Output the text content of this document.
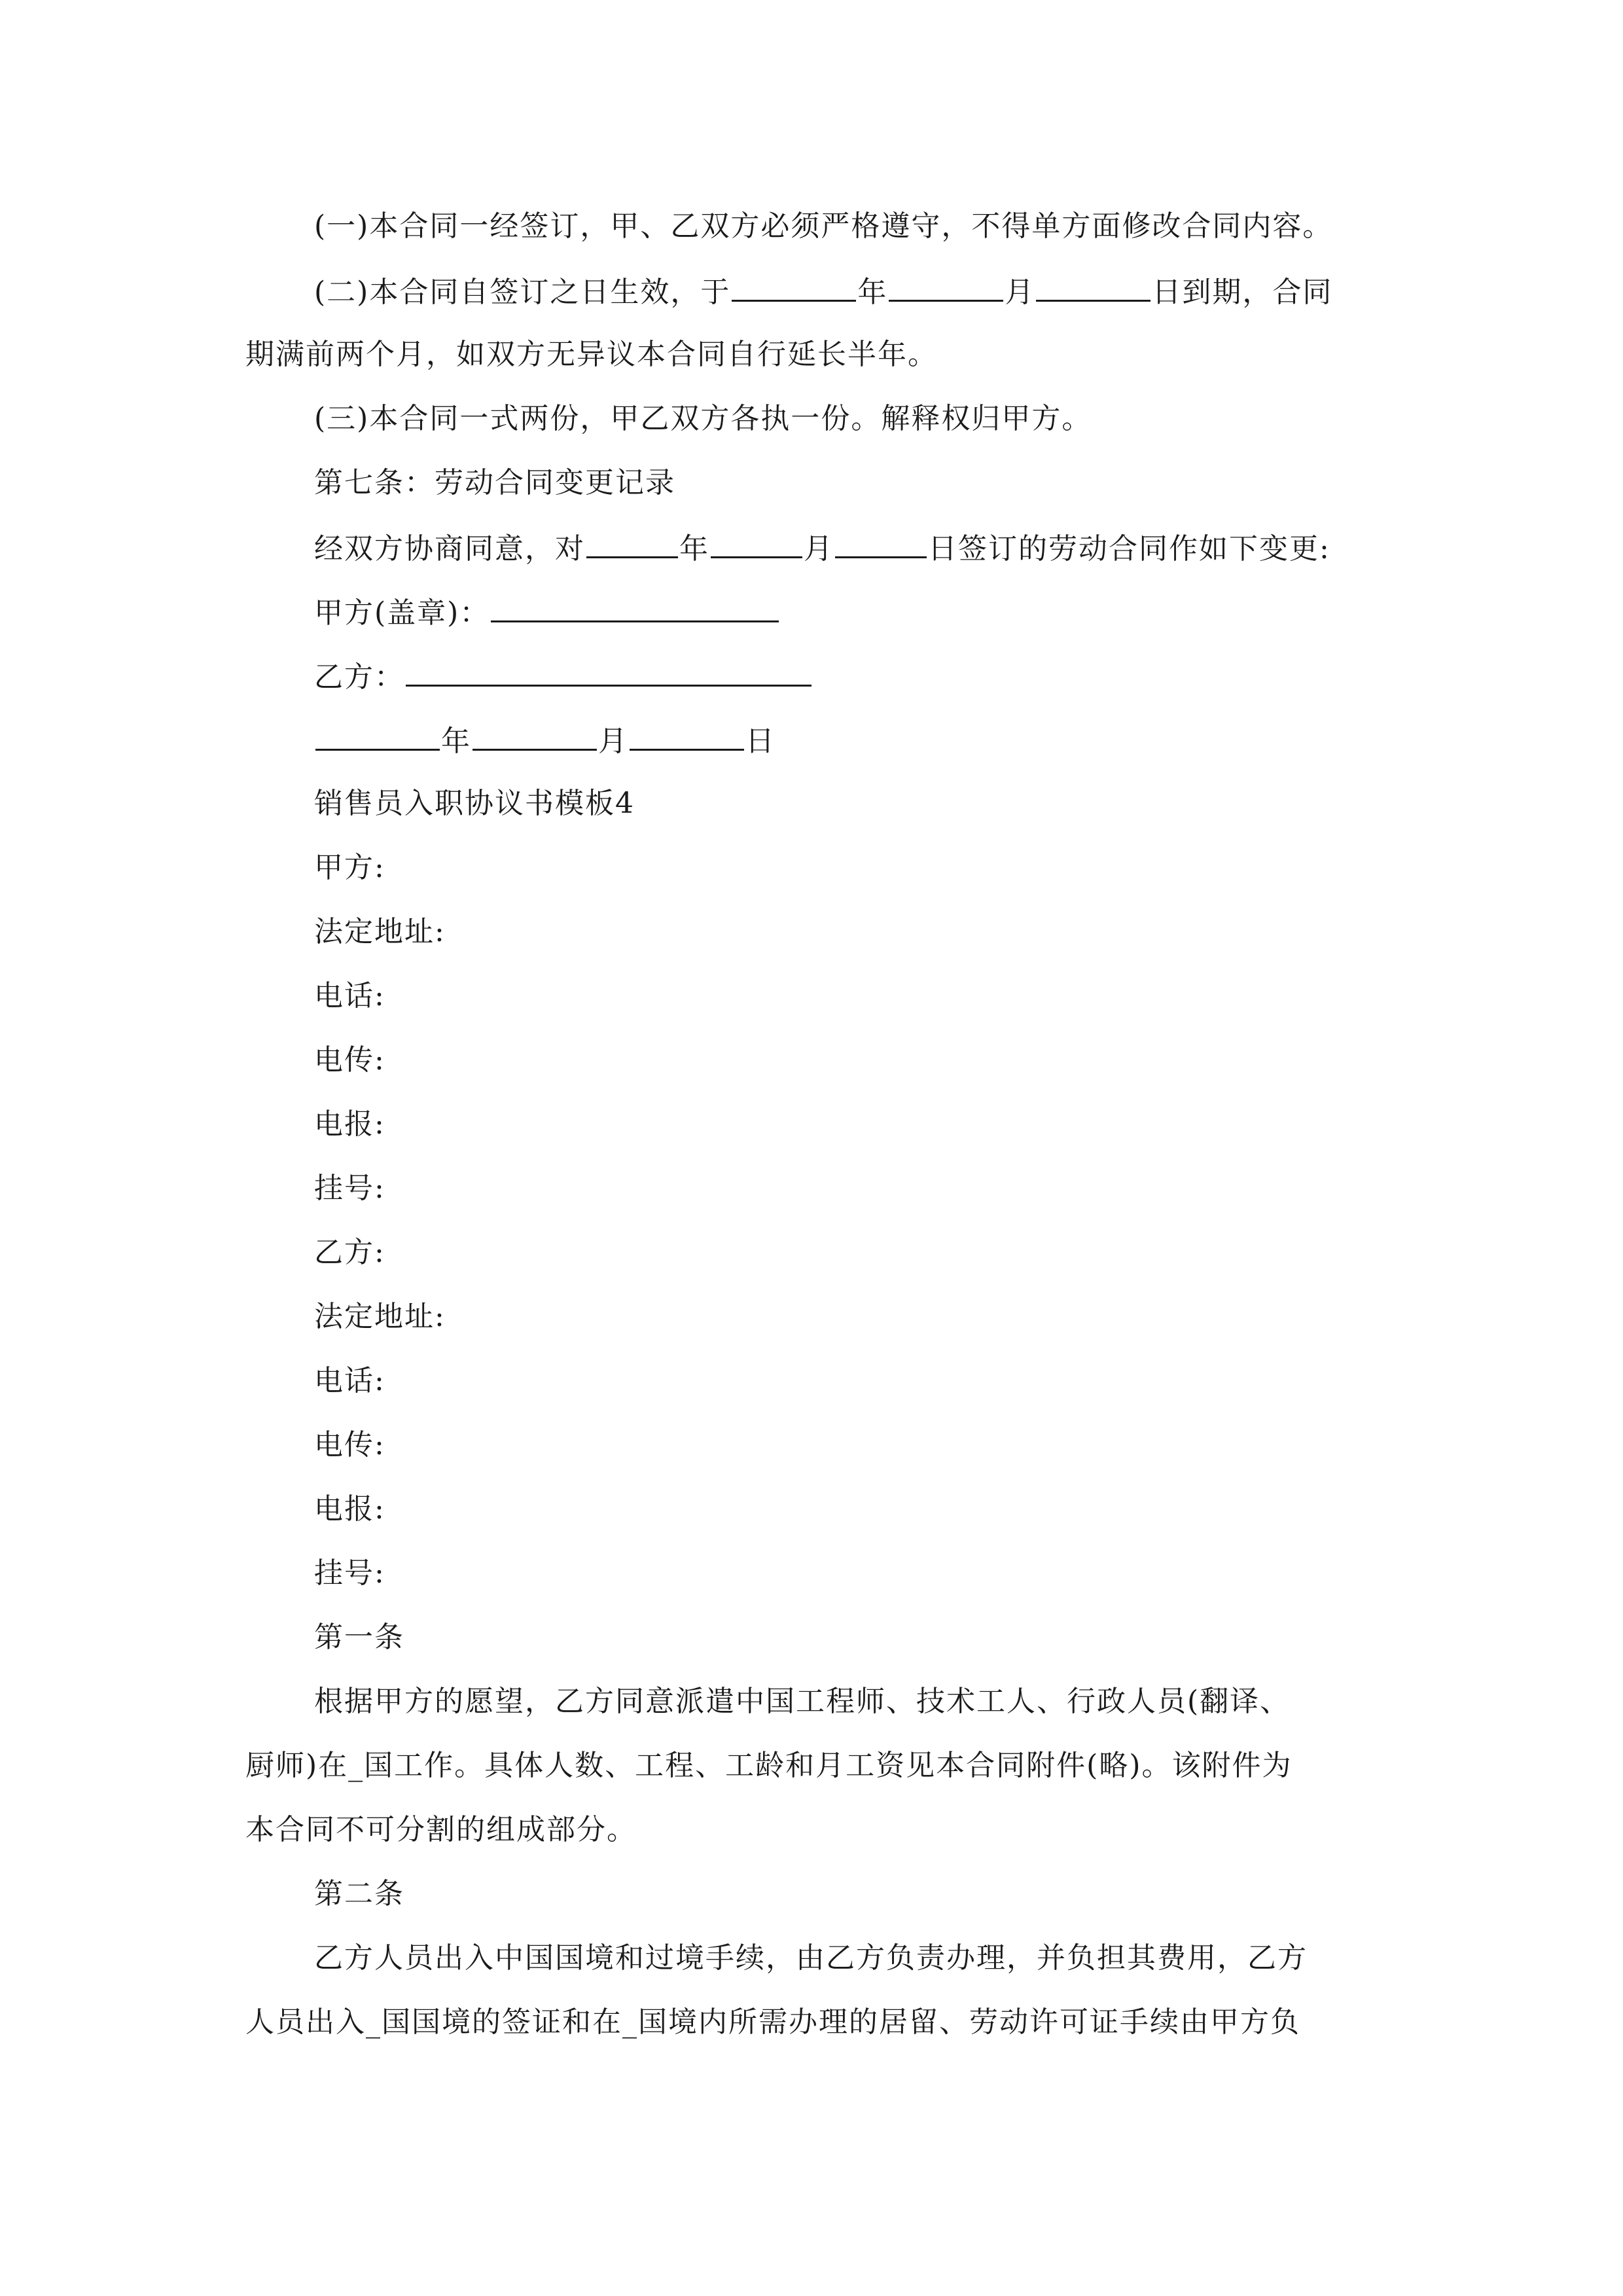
(一)本合同一经签订，甲、乙双方必须严格遵守，不得单方面修改合同内容。
(二)本合同自签订之日生效，于	年	月	日到期，合同
期满前两个月，如双方无异议本合同自行延长半年。
(三)本合同一式两份，甲乙双方各执一份。解释权归甲方。
第七条：劳动合同变更记录
经双方协商同意，对	年	月	日签订的劳动合同作如下变更:
甲方(盖章)：
乙方：
年	月	日
销售员入职协议书模板4
甲方:
法定地址:
电话:
电传:
电报:
挂号:
乙方:
法定地址:
电话:
电传:
电报:
挂号:
第一条
根据甲方的愿望，乙方同意派遣中国工程师、技术工人、行政人员(翻译、
厨师)在_国工作。具体人数、工程、工龄和月工资见本合同附件(略)。该附件为
本合同不可分割的组成部分。
第二条
乙方人员出入中国国境和过境手续，由乙方负责办理，并负担其费用，乙方
人员出入_国国境的签证和在_国境内所需办理的居留、劳动许可证手续由甲方负
